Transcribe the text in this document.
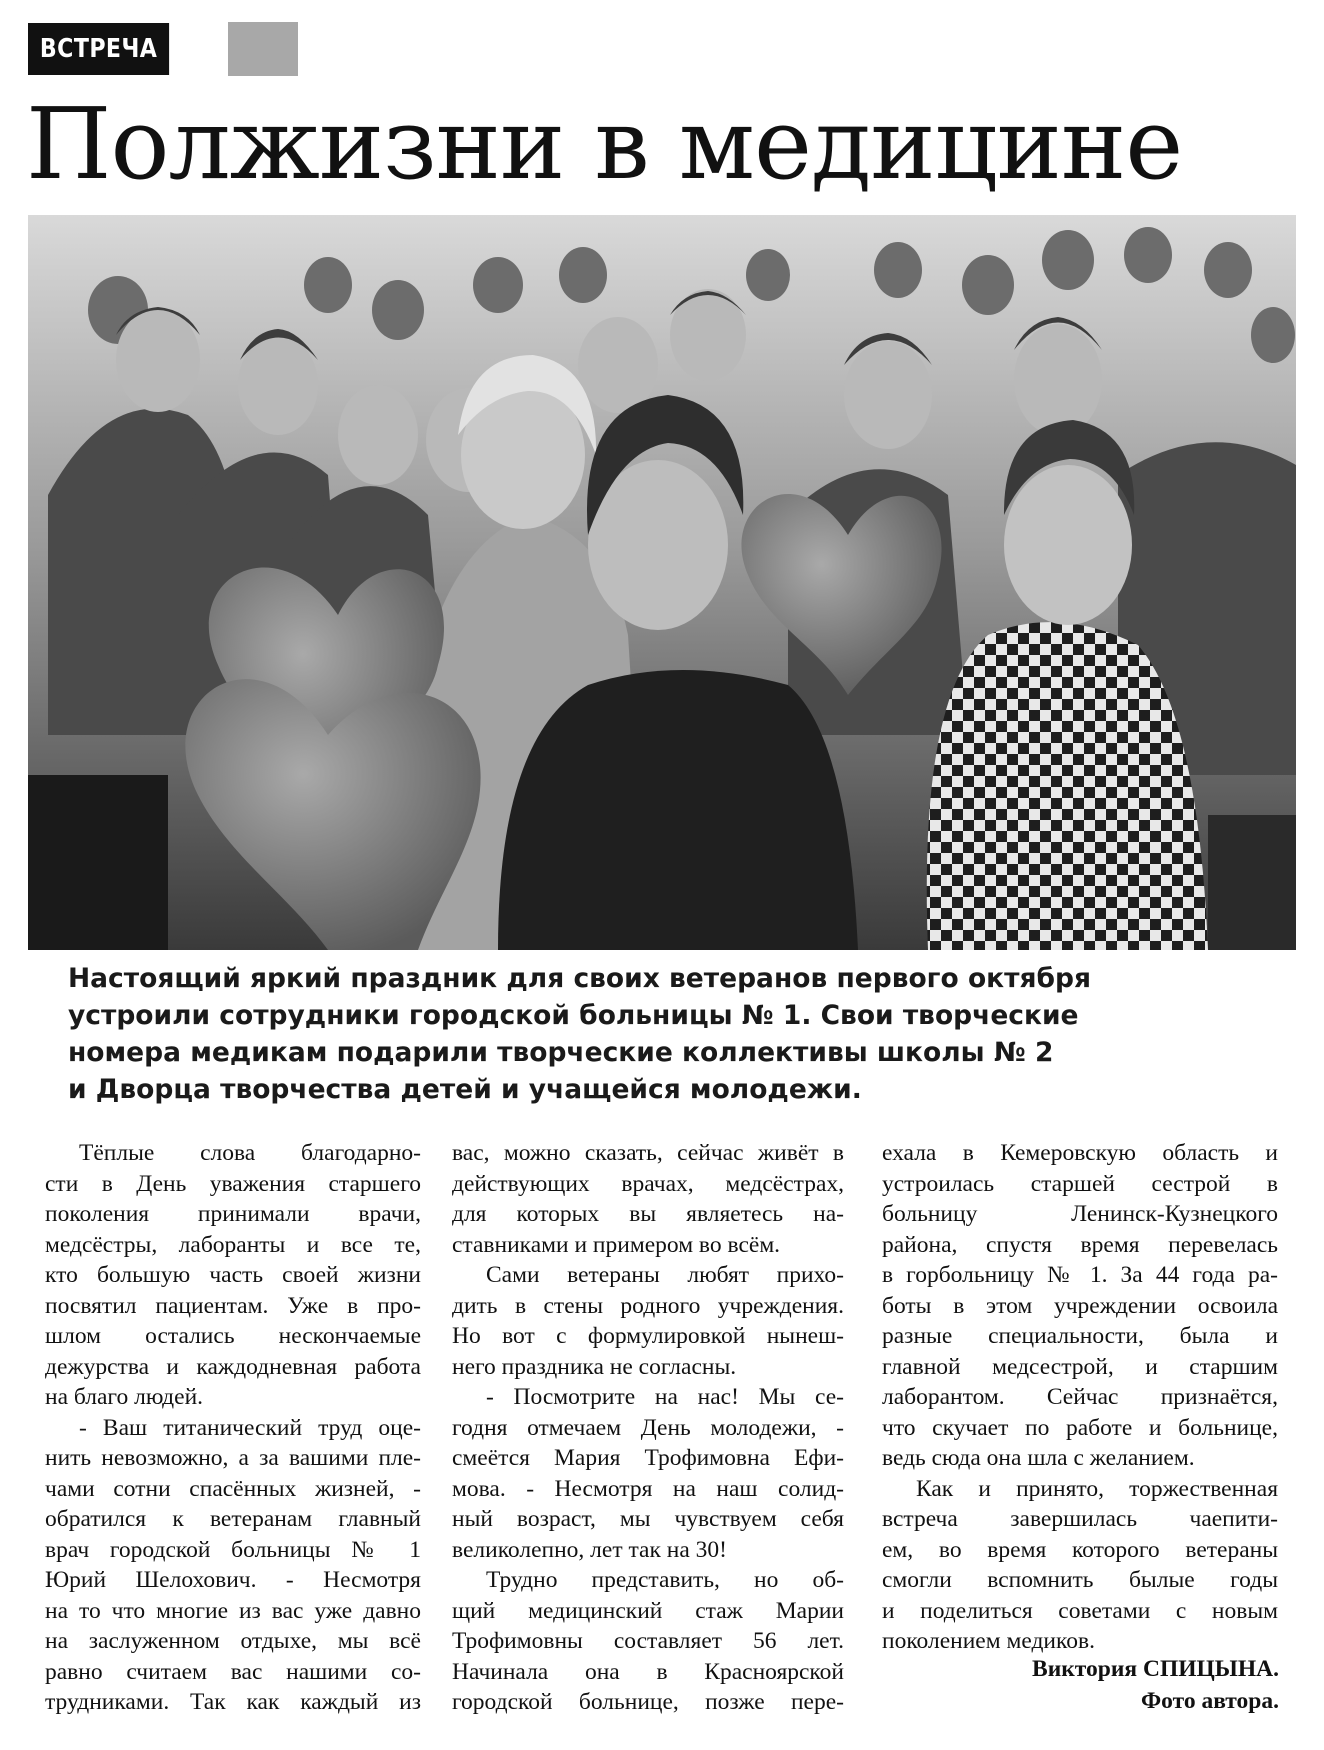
ВСТРЕЧА
Полжизни в медицине
Настоящий яркий праздник для своих ветеранов первого октября
устроили сотрудники городской больницы № 1. Свои творческие
номера медикам подарили творческие коллективы школы № 2
и Дворца творчества детей и учащейся молодежи.
Тёплые слова благодарно-
сти в День уважения старшего
поколения принимали врачи,
медсёстры, лаборанты и все те,
кто большую часть своей жизни
посвятил пациентам. Уже в про-
шлом остались нескончаемые
дежурства и каждодневная работа
на благо людей.
- Ваш титанический труд оце-
нить невозможно, а за вашими пле-
чами сотни спасённых жизней, -
обратился к ветеранам главный
врач городской больницы № 1
Юрий Шелохович. - Несмотря
на то что многие из вас уже давно
на заслуженном отдыхе, мы всё
равно считаем вас нашими со-
трудниками. Так как каждый из
вас, можно сказать, сейчас живёт в
действующих врачах, медсёстрах,
для которых вы являетесь на-
ставниками и примером во всём.
Сами ветераны любят прихо-
дить в стены родного учреждения.
Но вот с формулировкой нынеш-
него праздника не согласны.
- Посмотрите на нас! Мы се-
годня отмечаем День молодежи, -
смеётся Мария Трофимовна Ефи-
мова. - Несмотря на наш солид-
ный возраст, мы чувствуем себя
великолепно, лет так на 30!
Трудно представить, но об-
щий медицинский стаж Марии
Трофимовны составляет 56 лет.
Начинала она в Красноярской
городской больнице, позже пере-
ехала в Кемеровскую область и
устроилась старшей сестрой в
больницу Ленинск-Кузнецкого
района, спустя время перевелась
в горбольницу № 1. За 44 года ра-
боты в этом учреждении освоила
разные специальности, была и
главной медсестрой, и старшим
лаборантом. Сейчас признаётся,
что скучает по работе и больнице,
ведь сюда она шла с желанием.
Как и принято, торжественная
встреча завершилась чаепити-
ем, во время которого ветераны
смогли вспомнить былые годы
и поделиться советами с новым
поколением медиков.
Виктория СПИЦЫНА.
Фото автора.
